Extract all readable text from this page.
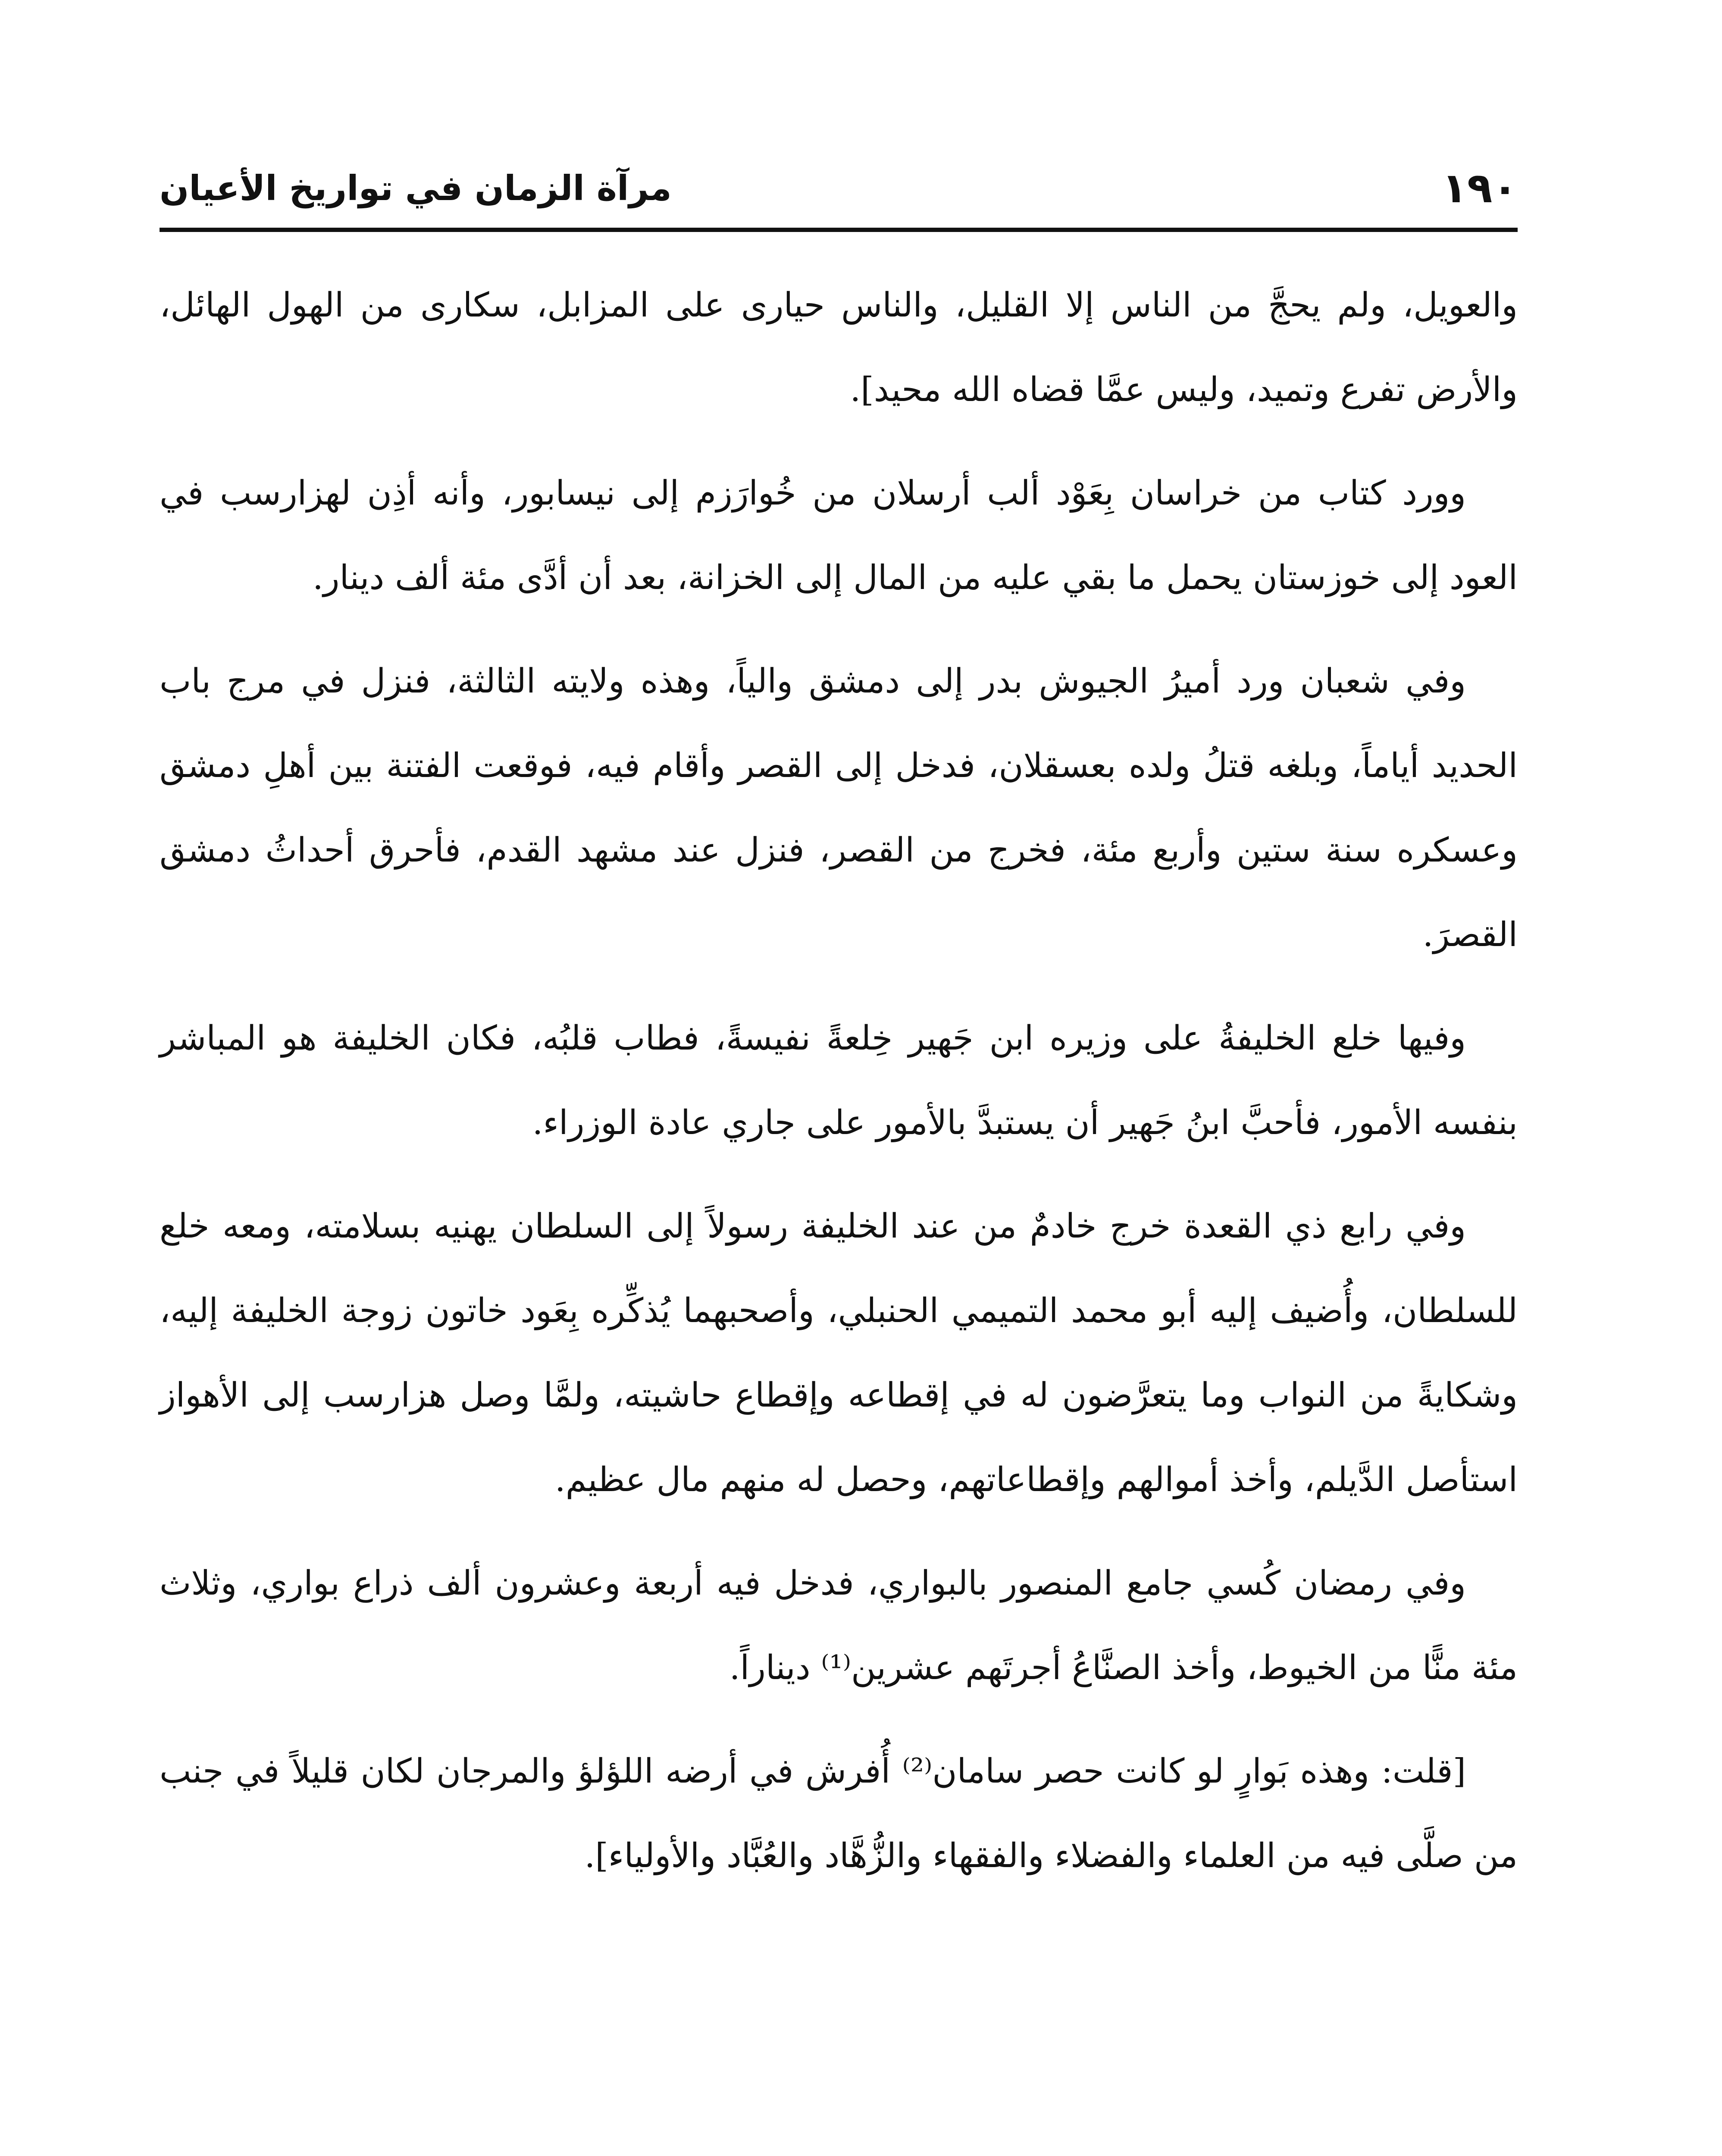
١٩٠
مرآة الزمان في تواريخ الأعيان

والعويل، ولم يحجَّ من الناس إلا القليل، والناس حيارى على المزابل، سكارى من الهول الهائل، والأرض تفرع وتميد، وليس عمَّا قضاه الله محيد].

وورد كتاب من خراسان بِعَوْد ألب أرسلان من خُوارَزم إلى نيسابور، وأنه أذِن لهزارسب في العود إلى خوزستان يحمل ما بقي عليه من المال إلى الخزانة، بعد أن أدَّى مئة ألف دينار.

وفي شعبان ورد أميرُ الجيوش بدر إلى دمشق والياً، وهذه ولايته الثالثة، فنزل في مرج باب الحديد أياماً، وبلغه قتلُ ولده بعسقلان، فدخل إلى القصر وأقام فيه، فوقعت الفتنة بين أهلِ دمشق وعسكره سنة ستين وأربع مئة، فخرج من القصر، فنزل عند مشهد القدم، فأحرق أحداثُ دمشق القصرَ.

وفيها خلع الخليفةُ على وزيره ابن جَهير خِلعةً نفيسةً، فطاب قلبُه، فكان الخليفة هو المباشر بنفسه الأمور، فأحبَّ ابنُ جَهير أن يستبدَّ بالأمور على جاري عادة الوزراء.

وفي رابع ذي القعدة خرج خادمٌ من عند الخليفة رسولاً إلى السلطان يهنيه بسلامته، ومعه خلع للسلطان، وأُضيف إليه أبو محمد التميمي الحنبلي، وأصحبهما يُذكِّره بِعَود خاتون زوجة الخليفة إليه، وشكايةً من النواب وما يتعرَّضون له في إقطاعه وإقطاع حاشيته، ولمَّا وصل هزارسب إلى الأهواز استأصل الدَّيلم، وأخذ أموالهم وإقطاعاتهم، وحصل له منهم مال عظيم.

وفي رمضان كُسي جامع المنصور بالبواري، فدخل فيه أربعة وعشرون ألف ذراع بواري، وثلاث مئة منًّا من الخيوط، وأخذ الصنَّاعُ أجرتَهم عشرين⁽¹⁾ ديناراً.

[قلت: وهذه بَوارٍ لو كانت حصر سامان⁽²⁾ أُفرش في أرضه اللؤلؤ والمرجان لكان قليلاً في جنب من صلَّى فيه من العلماء والفضلاء والفقهاء والزُّهَّاد والعُبَّاد والأولياء].
